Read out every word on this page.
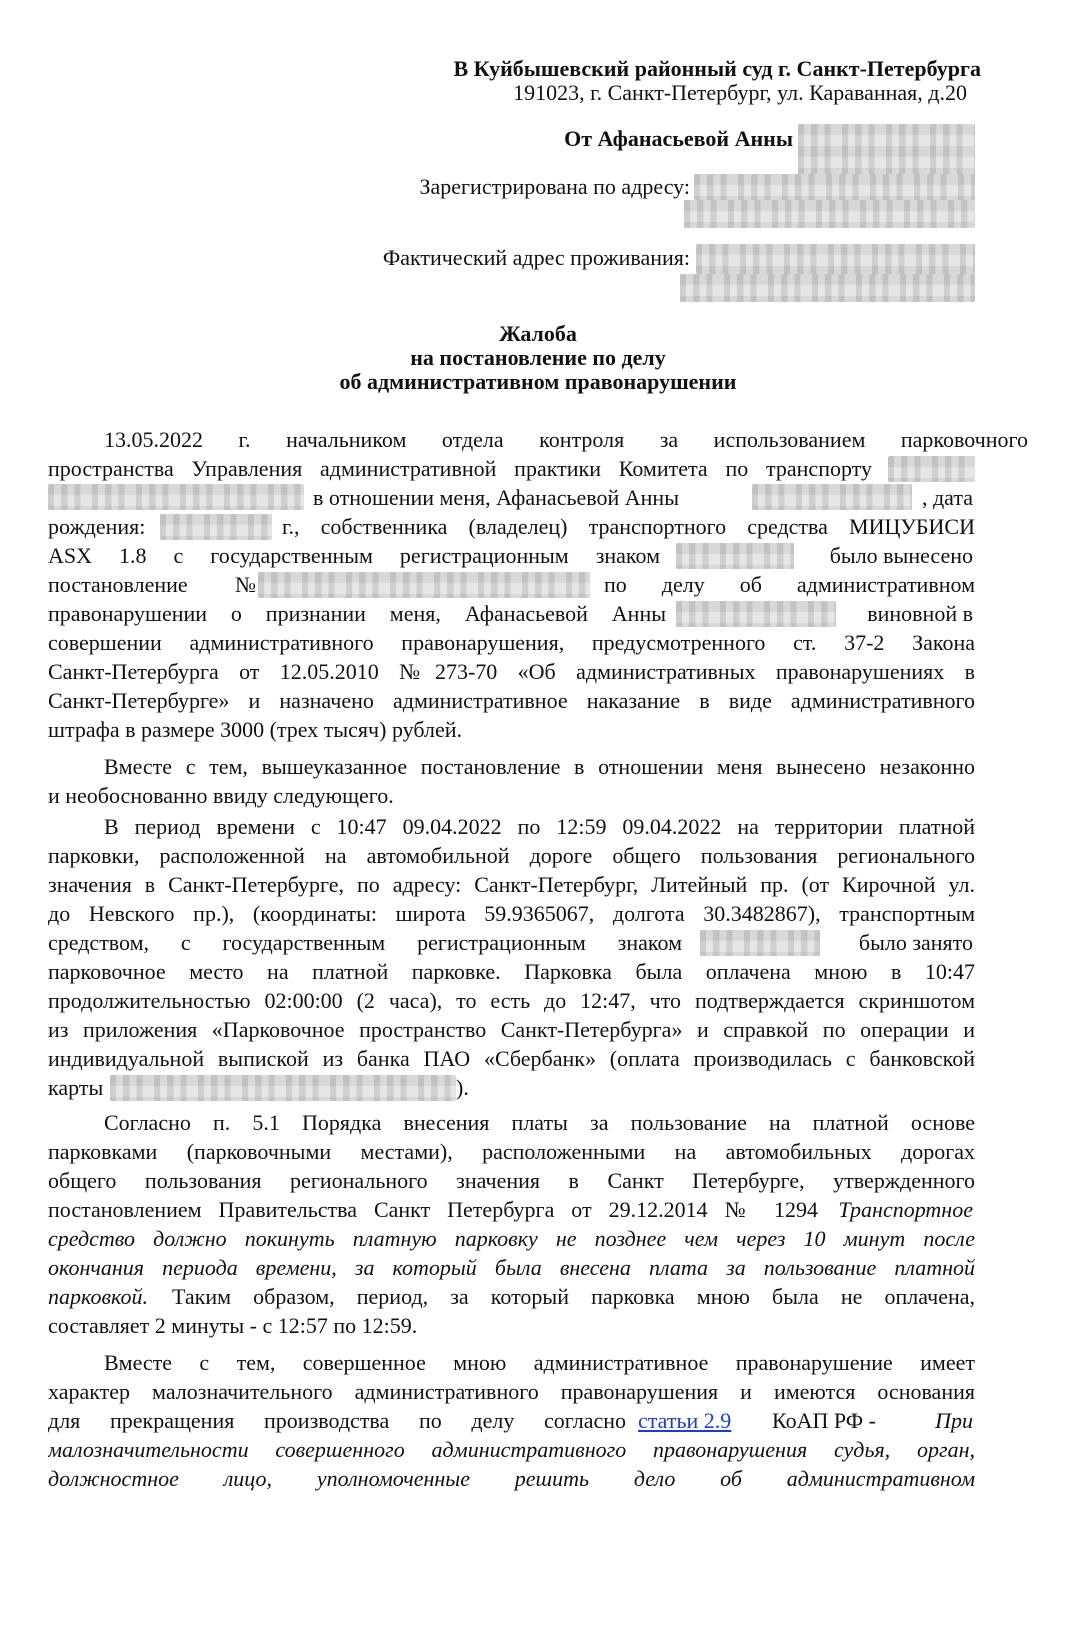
В Куйбышевский районный суд г. Санкт-Петербурга
191023, г. Санкт-Петербург, ул. Караванная, д.20
От Афанасьевой Анны
Зарегистрирована по адресу:
Фактический адрес проживания:
Жалоба
на постановление по делу
об административном правонарушении
13.05.2022 г. начальником отдела контроля за использованием парковочного
пространства Управления административной практики Комитета по транспорту
в отношении меня, Афанасьевой Анны	, дата
рождения:	г., собственника (владелец) транспортного средства МИЦУБИСИ
ASX 1.8 с государственным регистрационным знаком	было вынесено
постановление №	по делу об административном
правонарушении о признании меня, Афанасьевой Анны	виновной в
совершении административного правонарушения, предусмотренного ст. 37-2 Закона
Санкт-Петербурга от 12.05.2010 №273-70 «Об административных правонарушениях в
Санкт-Петербурге» и назначено административное наказание в виде административного
штрафа в размере 3000 (трех тысяч) рублей.
Вместе с тем, вышеуказанное постановление в отношении меня вынесено незаконно
и необоснованно ввиду следующего.
В период времени с 10:47 09.04.2022 по 12:59 09.04.2022 на территории платной
парковки, расположенной на автомобильной дороге общего пользования регионального
значения в Санкт-Петербурге, по адресу: Санкт-Петербург, Литейный пр. (от Кирочной ул.
до Невского пр.), (координаты: широта 59.9365067, долгота 30.3482867), транспортным
средством, с государственным регистрационным знаком	было занято
парковочное место на платной парковке. Парковка была оплачена мною в 10:47
продолжительностью 02:00:00 (2 часа), то есть до 12:47, что подтверждается скриншотом
из приложения «Парковочное пространство Санкт-Петербурга» и справкой по операции и
индивидуальной выпиской из банка ПАО «Сбербанк» (оплата производилась с банковской
карты	).
Согласно п. 5.1 Порядка внесения платы за пользование на платной основе
парковками (парковочными местами), расположенными на автомобильных дорогах
общего пользования регионального значения в Санкт Петербурге, утвержденного
постановлением Правительства Санкт Петербурга от 29.12.2014 № 1294 Транспортное
средство должно покинуть платную парковку не позднее чем через 10 минут после
окончания периода времени, за который была внесена плата за пользование платной
парковкой. Таким образом, период, за который парковка мною была не оплачена,
составляет 2 минуты - с 12:57 по 12:59.
Вместе с тем, совершенное мною административное правонарушение имеет
характер малозначительного административного правонарушения и имеются основания
для прекращения производства по делу согласно статьи 2.9 КоАП РФ -	При
малозначительности совершенного административного правонарушения судья, орган,
должностное лицо, уполномоченные решить дело об административном
